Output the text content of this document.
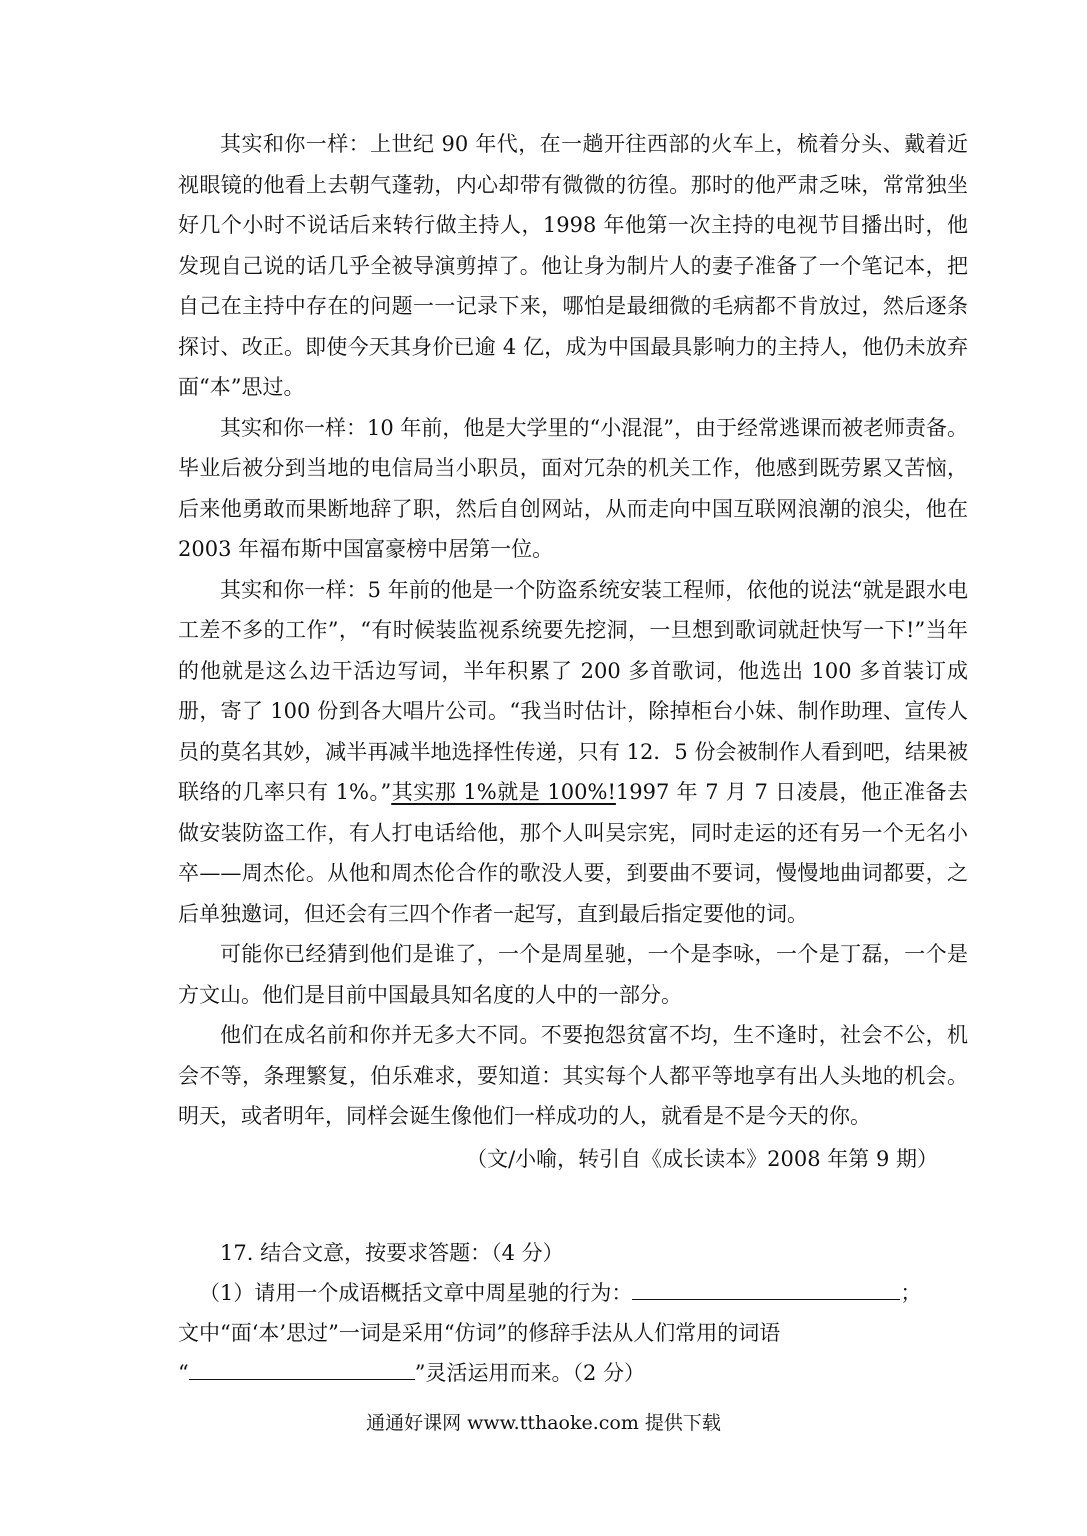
其实和你一样：上世纪 90 年代，在一趟开往西部的火车上，梳着分头、戴着近视眼镜的他看上去朝气蓬勃，内心却带有微微的彷徨。那时的他严肃乏味，常常独坐好几个小时不说话后来转行做主持人，1998 年他第一次主持的电视节目播出时，他发现自己说的话几乎全被导演剪掉了。他让身为制片人的妻子准备了一个笔记本，把自己在主持中存在的问题一一记录下来，哪怕是最细微的毛病都不肯放过，然后逐条探讨、改正。即使今天其身价已逾 4 亿，成为中国最具影响力的主持人，他仍未放弃面“本”思过。

其实和你一样：10 年前，他是大学里的“小混混”，由于经常逃课而被老师责备。毕业后被分到当地的电信局当小职员，面对冗杂的机关工作，他感到既劳累又苦恼，后来他勇敢而果断地辞了职，然后自创网站，从而走向中国互联网浪潮的浪尖，他在 2003 年福布斯中国富豪榜中居第一位。

其实和你一样：5 年前的他是一个防盗系统安装工程师，依他的说法“就是跟水电工差不多的工作”，“有时候装监视系统要先挖洞，一旦想到歌词就赶快写一下!”当年的他就是这么边干活边写词，半年积累了 200 多首歌词，他选出 100 多首装订成册，寄了 100 份到各大唱片公司。“我当时估计，除掉柜台小妹、制作助理、宣传人员的莫名其妙，减半再减半地选择性传递，只有 12．5 份会被制作人看到吧，结果被联络的几率只有 1%。”其实那 1%就是 100%!1997 年 7 月 7 日凌晨，他正准备去做安装防盗工作，有人打电话给他，那个人叫吴宗宪，同时走运的还有另一个无名小卒——周杰伦。从他和周杰伦合作的歌没人要，到要曲不要词，慢慢地曲词都要，之后单独邀词，但还会有三四个作者一起写，直到最后指定要他的词。

可能你已经猜到他们是谁了，一个是周星驰，一个是李咏，一个是丁磊，一个是方文山。他们是目前中国最具知名度的人中的一部分。

他们在成名前和你并无多大不同。不要抱怨贫富不均，生不逢时，社会不公，机会不等，条理繁复，伯乐难求，要知道：其实每个人都平等地享有出人头地的机会。明天，或者明年，同样会诞生像他们一样成功的人，就看是不是今天的你。

（文/小喻，转引自《成长读本》2008 年第 9 期）

17. 结合文意，按要求答题：（4 分）

（1）请用一个成语概括文章中周星驰的行为：	；

文中“面‘本’思过”一词是采用“仿词”的修辞手法从人们常用的词语

“	”灵活运用而来。（2 分）

通通好课网 www.tthaoke.com 提供下载
